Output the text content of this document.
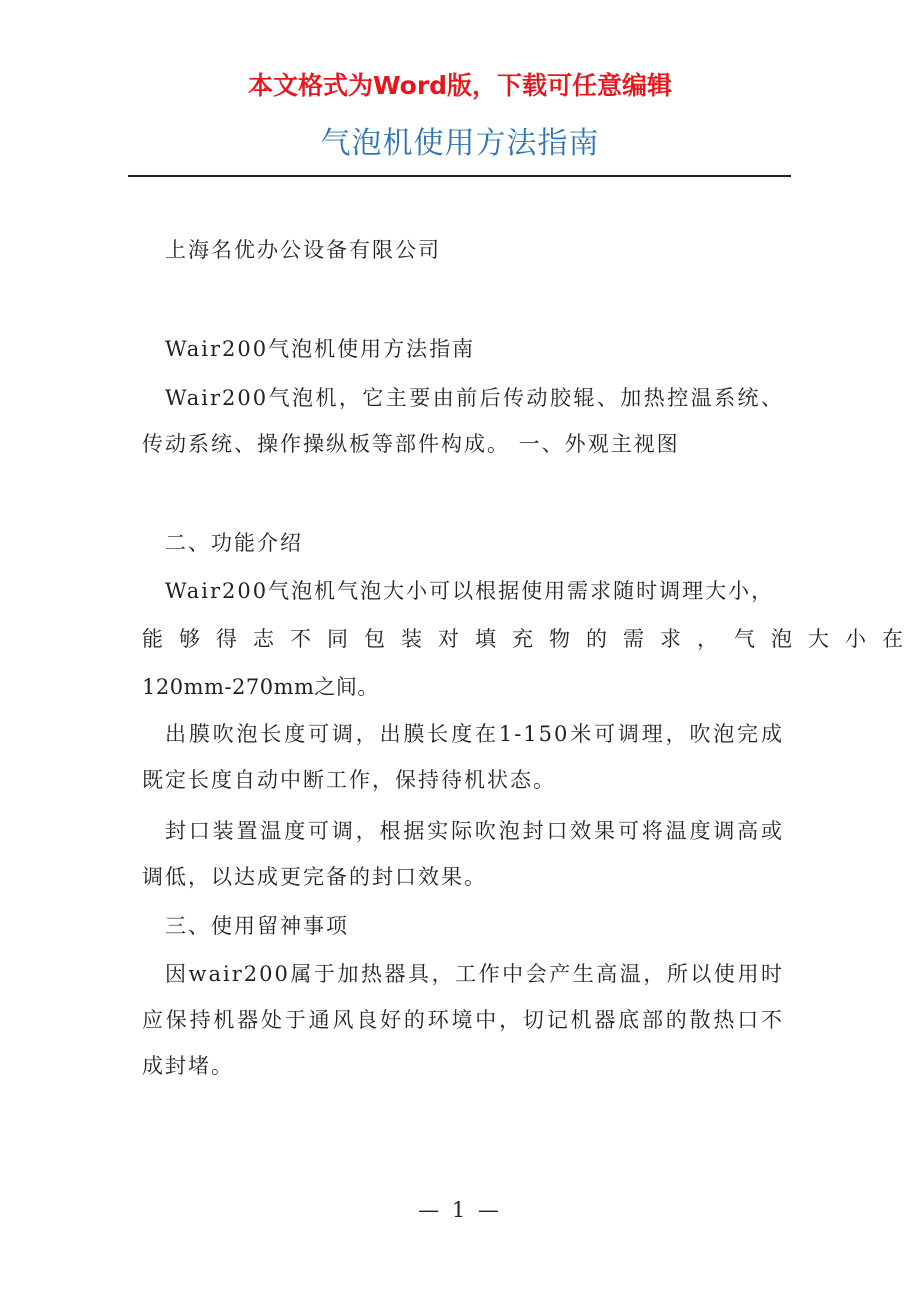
本文格式为Word版，下载可任意编辑
气泡机使用方法指南

上海名优办公设备有限公司

Wair200气泡机使用方法指南

Wair200气泡机，它主要由前后传动胶辊、加热控温系统、传动系统、操作操纵板等部件构成。 一、外观主视图

二、功能介绍

Wair200气泡机气泡大小可以根据使用需求随时调理大小，

能够得志不同包装对填充物的需求，气泡大小在

120mm-270mm之间。

出膜吹泡长度可调，出膜长度在1-150米可调理，吹泡完成既定长度自动中断工作，保持待机状态。

封口装置温度可调，根据实际吹泡封口效果可将温度调高或调低，以达成更完备的封口效果。

三、使用留神事项

因wair200属于加热器具，工作中会产生高温，所以使用时应保持机器处于通风良好的环境中，切记机器底部的散热口不成封堵。

— 1 —
